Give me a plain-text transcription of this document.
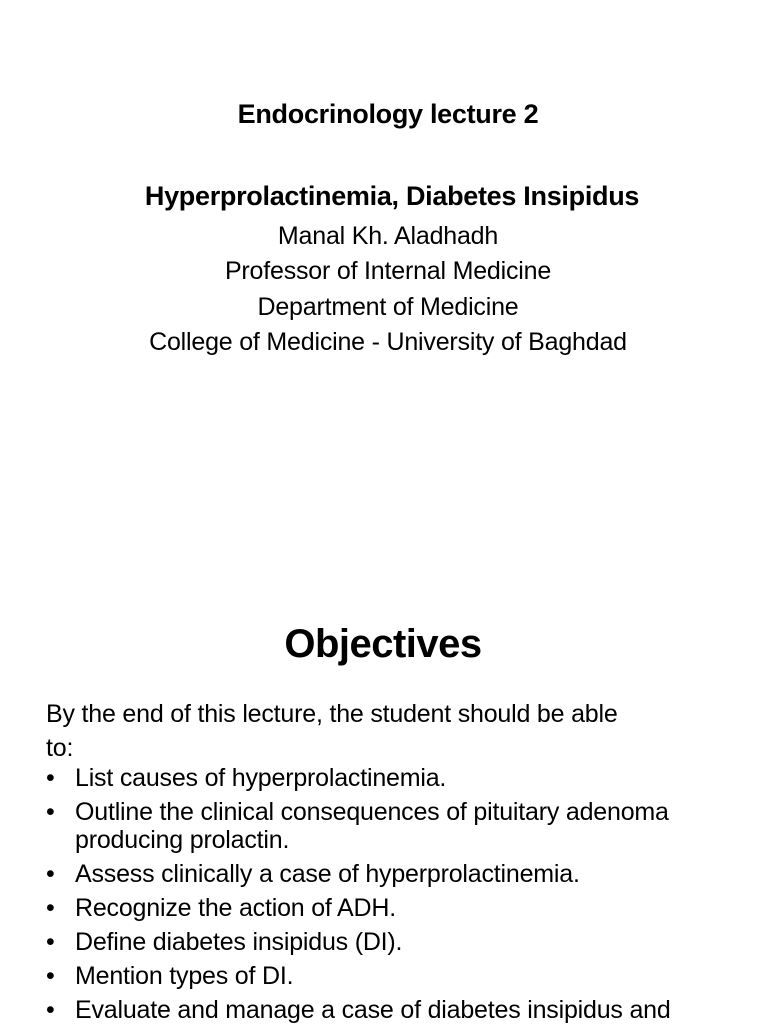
Endocrinology lecture 2
Hyperprolactinemia, Diabetes Insipidus
Manal Kh. Aladhadh
Professor of Internal Medicine
Department of Medicine
College of Medicine - University of Baghdad
Objectives
By the end of this lecture, the student should be able to:
• List causes of hyperprolactinemia.
• Outline the clinical consequences of pituitary adenoma producing prolactin.
• Assess clinically a case of hyperprolactinemia.
• Recognize the action of ADH.
• Define diabetes insipidus (DI).
• Mention types of DI.
• Evaluate and manage a case of diabetes insipidus and
